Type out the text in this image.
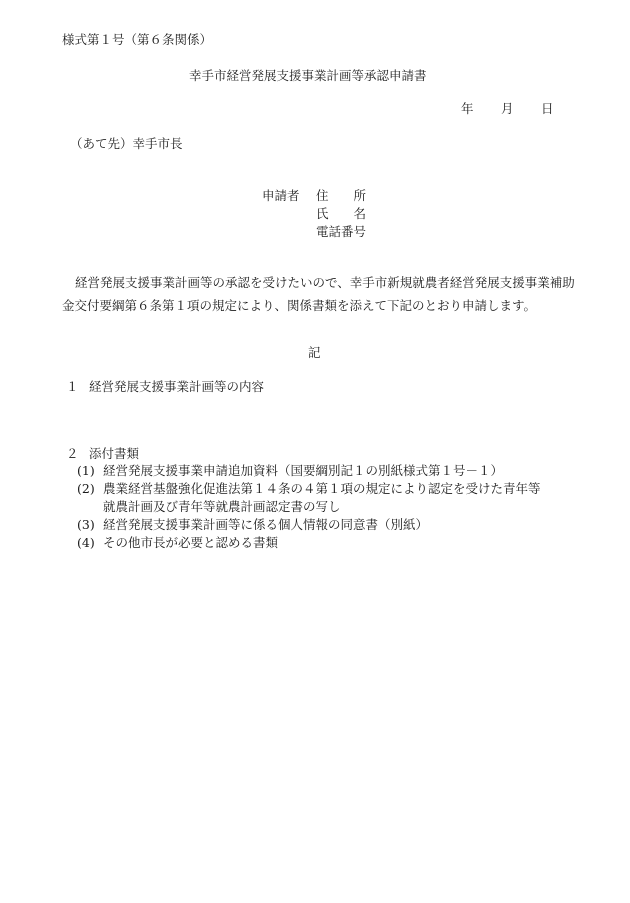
様式第１号（第６条関係）
幸手市経営発展支援事業計画等承認申請書
年 月 日
（あて先）幸手市長
申請者 住　　所
氏　　名
電話番号
経営発展支援事業計画等の承認を受けたいので、幸手市新規就農者経営発展支援事業補助金交付要綱第６条第１項の規定により、関係書類を添えて下記のとおり申請します。
記
１ 経営発展支援事業計画等の内容
２ 添付書類
(1) 経営発展支援事業申請追加資料（国要綱別記１の別紙様式第１号－１）
(2) 農業経営基盤強化促進法第１４条の４第１項の規定により認定を受けた青年等
就農計画及び青年等就農計画認定書の写し
(3) 経営発展支援事業計画等に係る個人情報の同意書（別紙）
(4) その他市長が必要と認める書類
